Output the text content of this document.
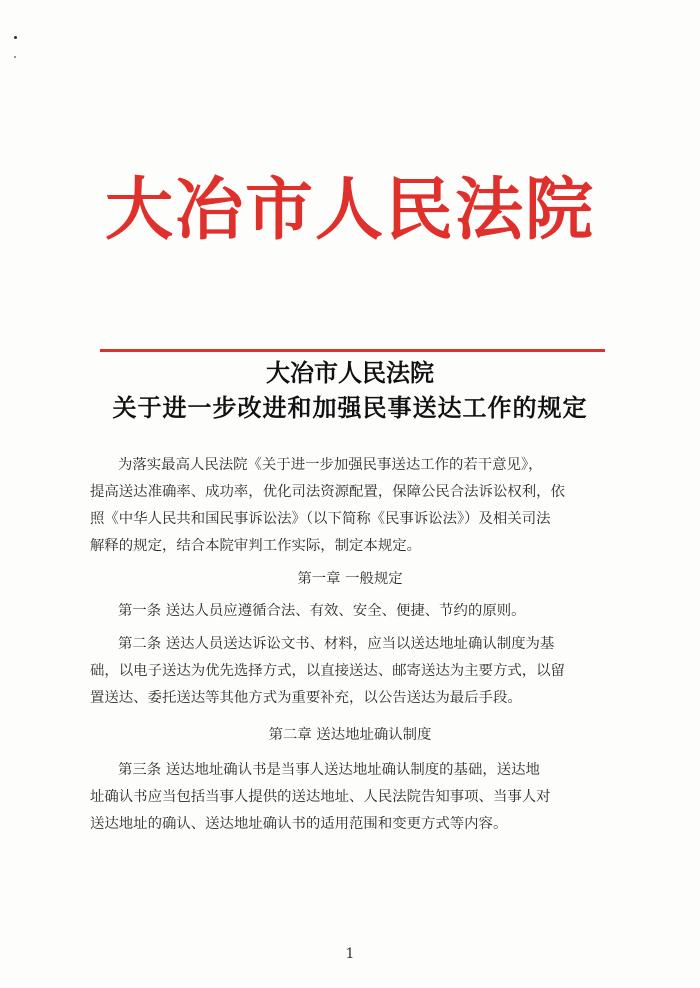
大冶市人民法院
大冶市人民法院
关于进一步改进和加强民事送达工作的规定
为落实最高人民法院《关于进一步加强民事送达工作的若干意见》，
提高送达准确率、成功率，优化司法资源配置，保障公民合法诉讼权利，依
照《中华人民共和国民事诉讼法》（以下简称《民事诉讼法》）及相关司法
解释的规定，结合本院审判工作实际，制定本规定。
第一章 一般规定
第一条 送达人员应遵循合法、有效、安全、便捷、节约的原则。
第二条 送达人员送达诉讼文书、材料，应当以送达地址确认制度为基
础，以电子送达为优先选择方式，以直接送达、邮寄送达为主要方式，以留
置送达、委托送达等其他方式为重要补充，以公告送达为最后手段。
第二章 送达地址确认制度
第三条 送达地址确认书是当事人送达地址确认制度的基础，送达地
址确认书应当包括当事人提供的送达地址、人民法院告知事项、当事人对
送达地址的确认、送达地址确认书的适用范围和变更方式等内容。
1
